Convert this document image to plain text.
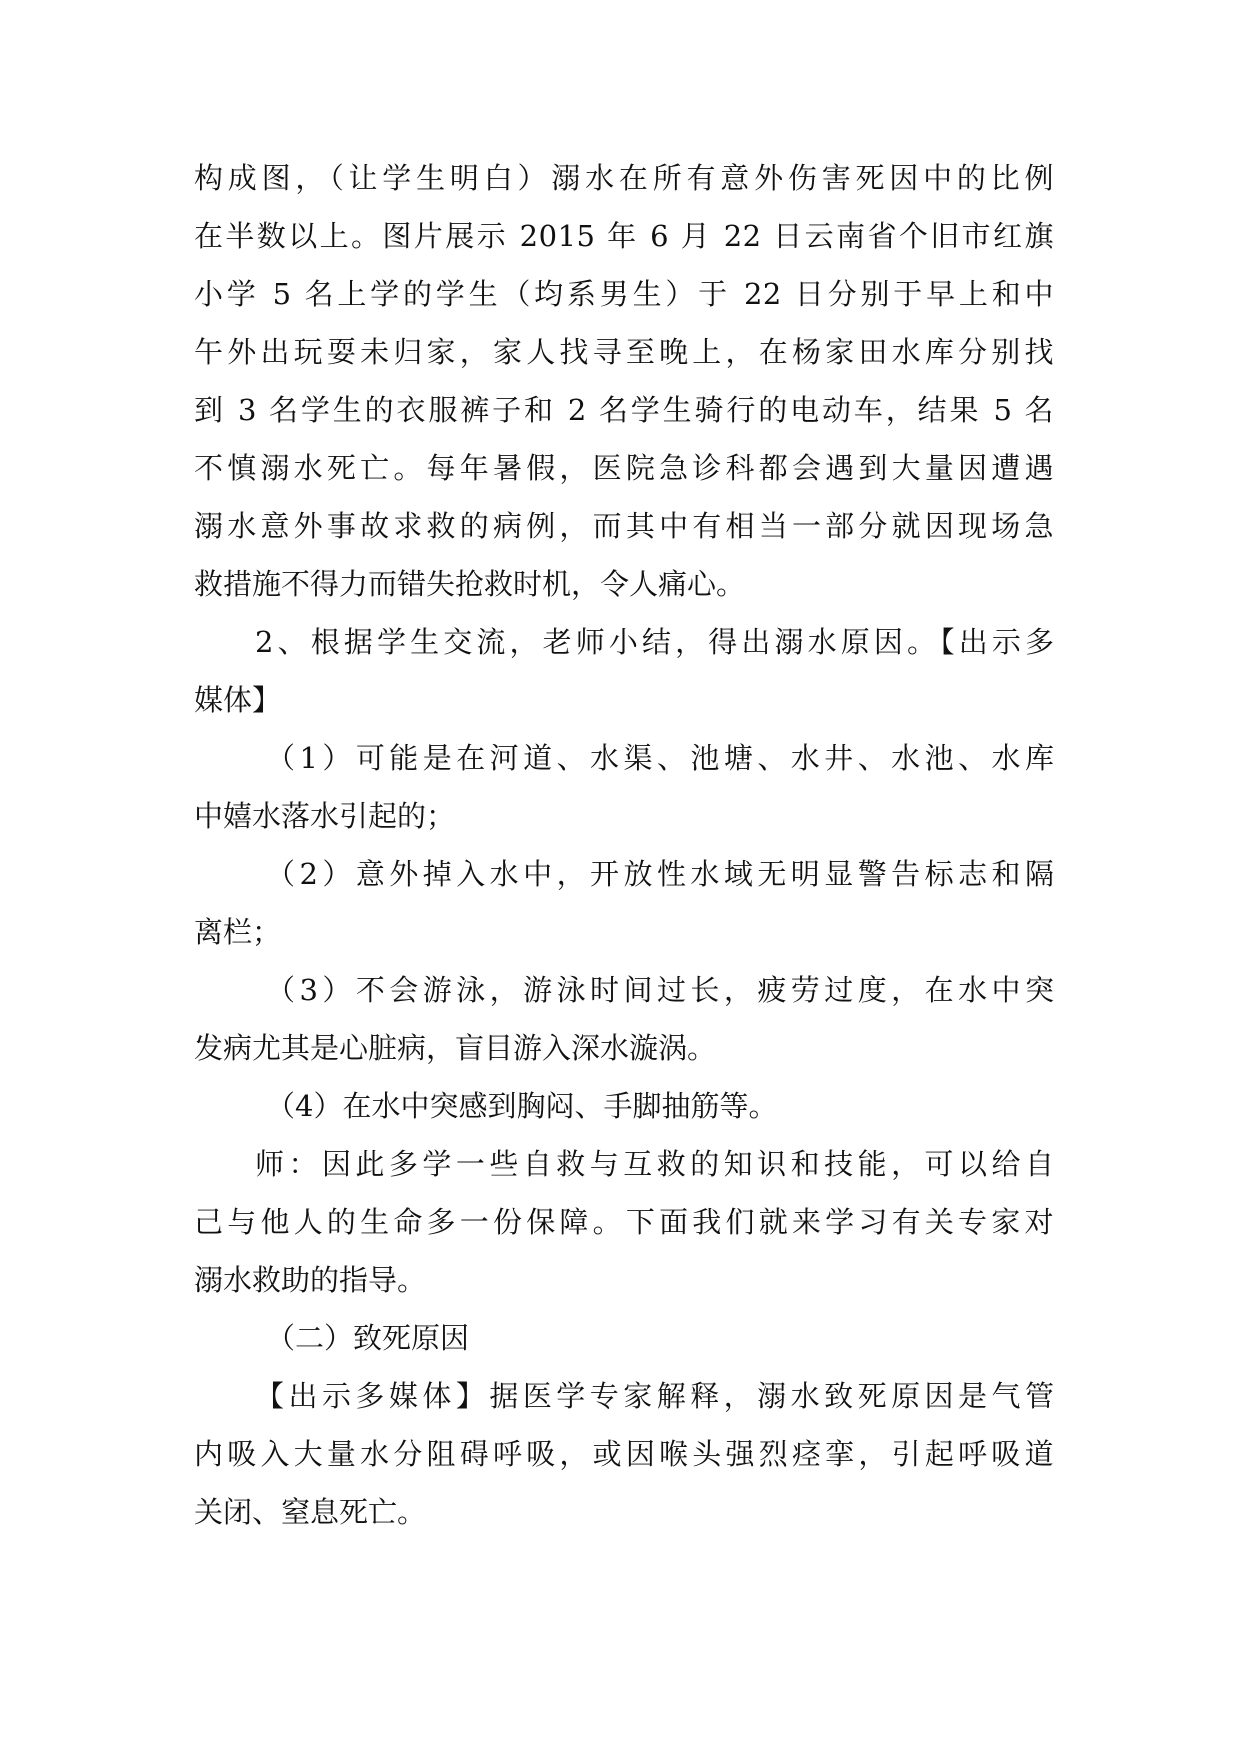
构成图，（让学生明白）溺水在所有意外伤害死因中的比例
在半数以上。图片展示 2015 年 6 月 22 日云南省个旧市红旗
小学 5 名上学的学生（均系男生）于 22 日分别于早上和中
午外出玩耍未归家，家人找寻至晚上，在杨家田水库分别找
到 3 名学生的衣服裤子和 2 名学生骑行的电动车，结果 5 名
不慎溺水死亡。每年暑假，医院急诊科都会遇到大量因遭遇
溺水意外事故求救的病例，而其中有相当一部分就因现场急
救措施不得力而错失抢救时机，令人痛心。
2、根据学生交流，老师小结，得出溺水原因。【出示多
媒体】
（1）可能是在河道、水渠、池塘、水井、水池、水库
中嬉水落水引起的；
（2）意外掉入水中，开放性水域无明显警告标志和隔
离栏；
（3）不会游泳，游泳时间过长，疲劳过度，在水中突
发病尤其是心脏病，盲目游入深水漩涡。
（4）在水中突感到胸闷、手脚抽筋等。
师：因此多学一些自救与互救的知识和技能，可以给自
己与他人的生命多一份保障。下面我们就来学习有关专家对
溺水救助的指导。
（二）致死原因
【出示多媒体】据医学专家解释，溺水致死原因是气管
内吸入大量水分阻碍呼吸，或因喉头强烈痉挛，引起呼吸道
关闭、窒息死亡。
